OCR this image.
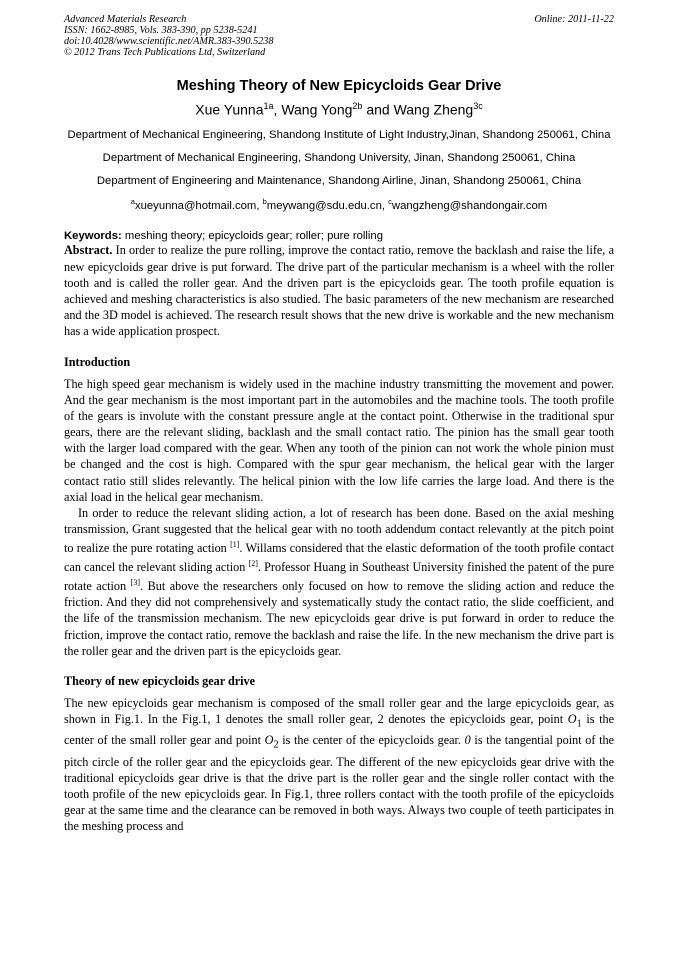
Advanced Materials Research
ISSN: 1662-8985, Vols. 383-390, pp 5238-5241
doi:10.4028/www.scientific.net/AMR.383-390.5238
© 2012 Trans Tech Publications Ltd, Switzerland
Online: 2011-11-22
Meshing Theory of New Epicycloids Gear Drive
Xue Yunna$^{1a}$, Wang Yong$^{2b}$ and Wang Zheng$^{3c}$
Department of Mechanical Engineering, Shandong Institute of Light Industry,Jinan, Shandong 250061, China
Department of Mechanical Engineering, Shandong University, Jinan, Shandong 250061, China
Department of Engineering and Maintenance, Shandong Airline, Jinan, Shandong 250061, China
$^a$xueyunna@hotmail.com, $^b$meywang@sdu.edu.cn, $^c$wangzheng@shandongair.com
Keywords: meshing theory; epicycloids gear; roller; pure rolling

Abstract. In order to realize the pure rolling, improve the contact ratio, remove the backlash and raise the life, a new epicycloids gear drive is put forward. The drive part of the particular mechanism is a wheel with the roller tooth and is called the roller gear. And the driven part is the epicycloids gear. The tooth profile equation is achieved and meshing characteristics is also studied. The basic parameters of the new mechanism are researched and the 3D model is achieved. The research result shows that the new drive is workable and the new mechanism has a wide application prospect.

Introduction

The high speed gear mechanism is widely used in the machine industry transmitting the movement and power. And the gear mechanism is the most important part in the automobiles and the machine tools. The tooth profile of the gears is involute with the constant pressure angle at the contact point. Otherwise in the traditional spur gears, there are the relevant sliding, backlash and the small contact ratio. The pinion has the small gear tooth with the larger load compared with the gear. When any tooth of the pinion can not work the whole pinion must be changed and the cost is high. Compared with the spur gear mechanism, the helical gear with the larger contact ratio still slides relevantly. The helical pinion with the low life carries the large load. And there is the axial load in the helical gear mechanism.

In order to reduce the relevant sliding action, a lot of research has been done. Based on the axial meshing transmission, Grant suggested that the helical gear with no tooth addendum contact relevantly at the pitch point to realize the pure rotating action [1]. Willams considered that the elastic deformation of the tooth profile contact can cancel the relevant sliding action [2]. Professor Huang in Southeast University finished the patent of the pure rotate action [3]. But above the researchers only focused on how to remove the sliding action and reduce the friction. And they did not comprehensively and systematically study the contact ratio, the slide coefficient, and the life of the transmission mechanism. The new epicycloids gear drive is put forward in order to reduce the friction, improve the contact ratio, remove the backlash and raise the life. In the new mechanism the drive part is the roller gear and the driven part is the epicycloids gear.

Theory of new epicycloids gear drive

The new epicycloids gear mechanism is composed of the small roller gear and the large epicycloids gear, as shown in Fig.1. In the Fig.1, 1 denotes the small roller gear, 2 denotes the epicycloids gear, point $O_1$ is the center of the small roller gear and point $O_2$ is the center of the epicycloids gear. 0 is the tangential point of the pitch circle of the roller gear and the epicycloids gear. The different of the new epicycloids gear drive with the traditional epicycloids gear drive is that the drive part is the roller gear and the single roller contact with the tooth profile of the new epicycloids gear. In Fig.1, three rollers contact with the tooth profile of the epicycloids gear at the same time and the clearance can be removed in both ways. Always two couple of teeth participates in the meshing process and
